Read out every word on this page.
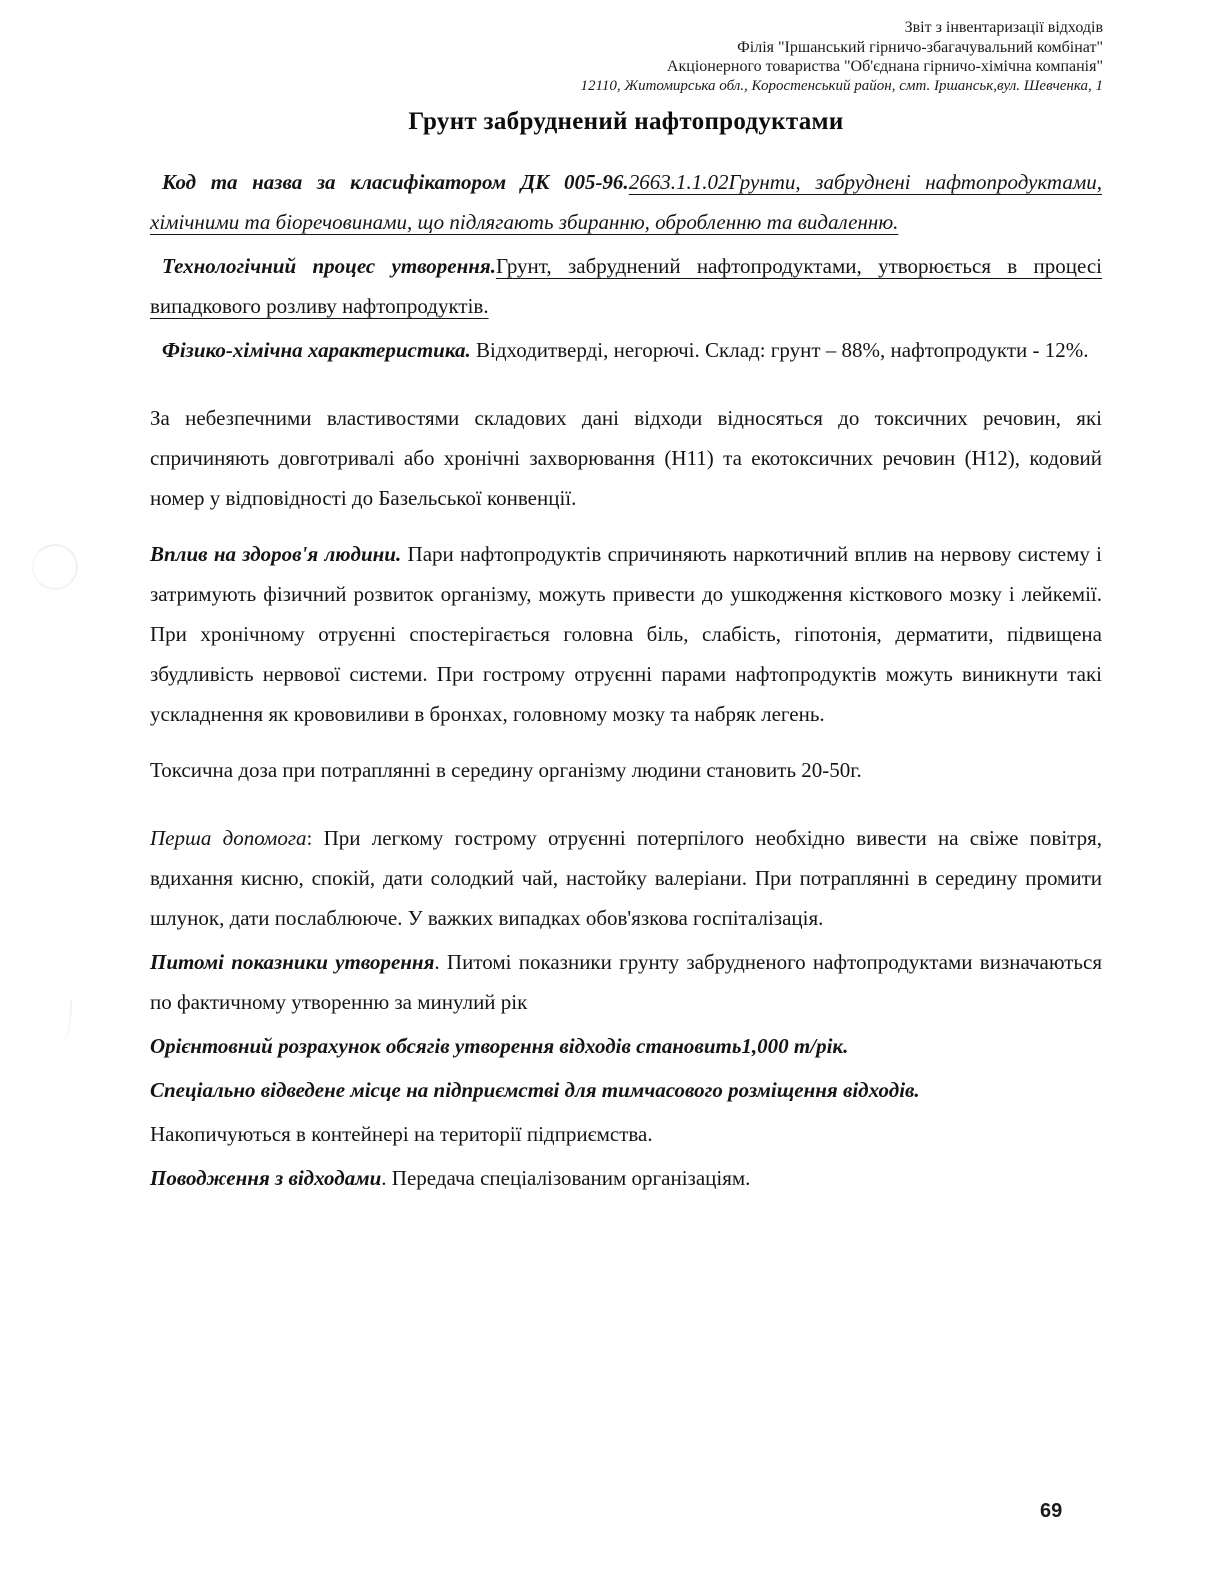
Звіт з інвентаризації відходів
Філія "Іршанський гірничо-збагачувальний комбінат"
Акціонерного товариства "Об'єднана гірничо-хімічна компанія"
12110, Житомирська обл., Коростенський район, смт. Іршанськ,вул. Шевченка, 1
Грунт забруднений нафтопродуктами

Код та назва за класифікатором ДК 005-96.2663.1.1.02Грунти, забруднені нафтопродуктами, хімічними та біоречовинами, що підлягають збиранню, обробленню та видаленню.

Технологічний процес утворення.Грунт, забруднений нафтопродуктами, утворюється в процесі випадкового розливу нафтопродуктів.

Фізико-хімічна характеристика. Відходитверді, негорючі. Склад: грунт – 88%, нафтопродукти - 12%.

За небезпечними властивостями складових дані відходи відносяться до токсичних речовин, які спричиняють довготривалі або хронічні захворювання (Н11) та екотоксичних речовин (Н12), кодовий номер у відповідності до Базельської конвенції.

Вплив на здоров'я людини. Пари нафтопродуктів спричиняють наркотичний вплив на нервову систему і затримують фізичний розвиток організму, можуть привести до ушкодження кісткового мозку і лейкемії. При хронічному отруєнні спостерігається головна біль, слабість, гіпотонія, дерматити, підвищена збудливість нервової системи. При гострому отруєнні парами нафтопродуктів можуть виникнути такі ускладнення як крововиливи в бронхах, головному мозку та набряк легень.

Токсична доза при потраплянні в середину організму людини становить 20-50г.

Перша допомога: При легкому гострому отруєнні потерпілого необхідно вивести на свіже повітря, вдихання кисню, спокій, дати солодкий чай, настойку валеріани. При потраплянні в середину промити шлунок, дати послаблююче. У важких випадках обов'язкова госпіталізація.

Питомі показники утворення. Питомі показники грунту забрудненого нафтопродуктами визначаються по фактичному утворенню за минулий рік

Орієнтовний розрахунок обсягів утворення відходів становить1,000 т/рік.

Спеціально відведене місце на підприємстві для тимчасового розміщення відходів.

Накопичуються в контейнері на території підприємства.

Поводження з відходами. Передача спеціалізованим організаціям.

69
